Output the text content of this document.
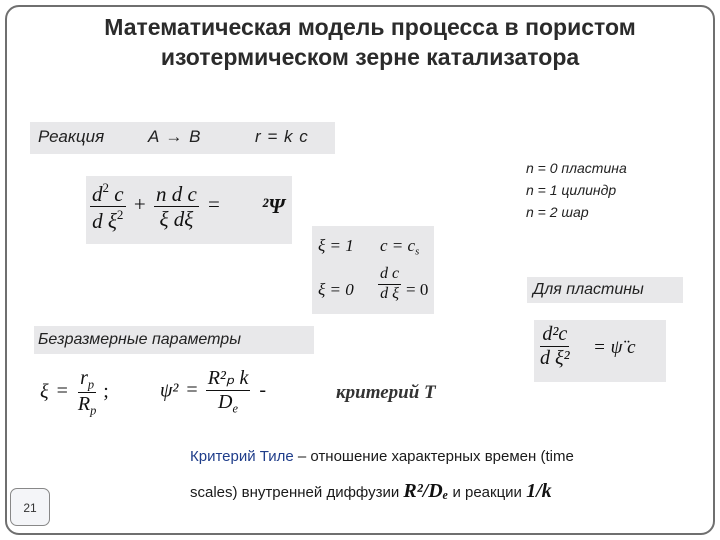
Математическая модель процесса в пористом
изотермическом зерне катализатора
Реакция	A → B	r = k c
n = 0 пластина
n = 1 цилиндр
n = 2 шар
$\frac{d^2 c}{d \xi^2} + \frac{\text{n d c}}{\text{ξ dξ}} = ^2\Psi$
ξ = 1 $c = c_s$
$\xi = 0 \frac{\text{d c}}{\text{d ξ}} = 0$	Для пластины
$\frac{\text{d²c}}{\text{d ξ²}}$ = ψ̈ c
Безразмерные параметры
$\xi = \frac{r_p}{R_p}$ ;	$\psi^2 = \frac{\text{R²ₚ k}}{D_e}$ -	критерий Т
Критерий Тиле – отношение характерных времен (time
scales) внутренней диффузии R²/Dₑ и реакции 1/k
21
